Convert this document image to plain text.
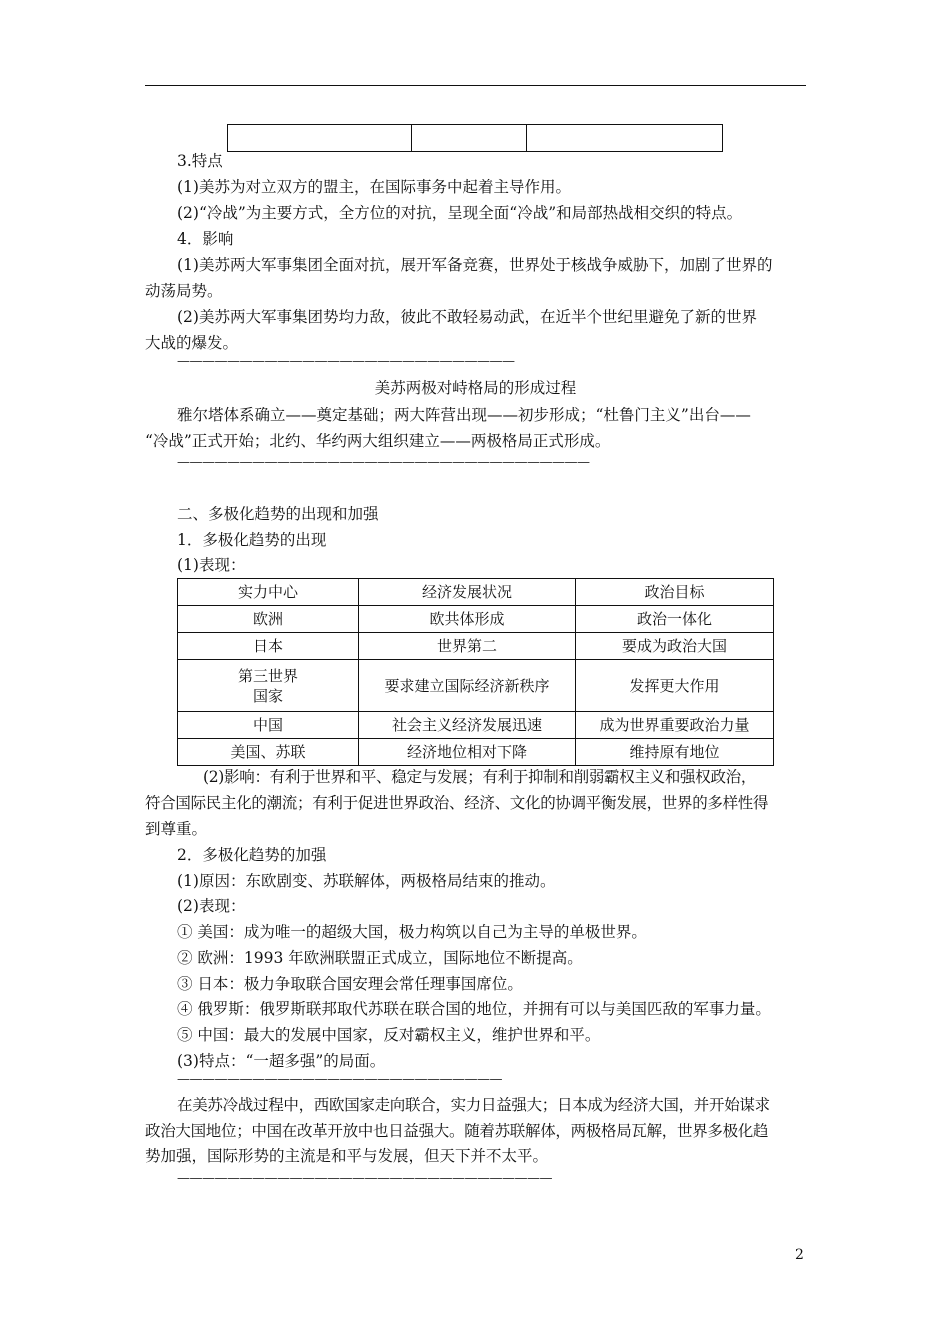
3.特点
(1)美苏为对立双方的盟主，在国际事务中起着主导作用。
(2)“冷战”为主要方式，全方位的对抗，呈现全面“冷战”和局部热战相交织的特点。
4．影响
(1)美苏两大军事集团全面对抗，展开军备竞赛，世界处于核战争威胁下，加剧了世界的
动荡局势。
(2)美苏两大军事集团势均力敌，彼此不敢轻易动武，在近半个世纪里避免了新的世界
大战的爆发。
———————————————————————————
美苏两极对峙格局的形成过程
雅尔塔体系确立——奠定基础；两大阵营出现——初步形成；“杜鲁门主义”出台——
“冷战”正式开始；北约、华约两大组织建立——两极格局正式形成。
—————————————————————————————————
二、多极化趋势的出现和加强
1．多极化趋势的出现
(1)表现：
实力中心	经济发展状况	政治目标
欧洲	欧共体形成	政治一体化
日本	世界第二	要成为政治大国

第三世界
国家	要求建立国际经济新秩序	发挥更大作用
中国	社会主义经济发展迅速	成为世界重要政治力量
美国、苏联	经济地位相对下降	维持原有地位
(2)影响：有利于世界和平、稳定与发展；有利于抑制和削弱霸权主义和强权政治，
符合国际民主化的潮流；有利于促进世界政治、经济、文化的协调平衡发展，世界的多样性得
到尊重。
2．多极化趋势的加强
(1)原因：东欧剧变、苏联解体，两极格局结束的推动。
(2)表现：
① 美国：成为唯一的超级大国，极力构筑以自己为主导的单极世界。
② 欧洲：1993 年欧洲联盟正式成立，国际地位不断提高。
③ 日本：极力争取联合国安理会常任理事国席位。
④ 俄罗斯：俄罗斯联邦取代苏联在联合国的地位，并拥有可以与美国匹敌的军事力量。
⑤ 中国：最大的发展中国家，反对霸权主义，维护世界和平。
(3)特点：“一超多强”的局面。
——————————————————————————
在美苏冷战过程中，西欧国家走向联合，实力日益强大；日本成为经济大国，并开始谋求
政治大国地位；中国在改革开放中也日益强大。随着苏联解体，两极格局瓦解，世界多极化趋
势加强，国际形势的主流是和平与发展，但天下并不太平。
——————————————————————————————
2
